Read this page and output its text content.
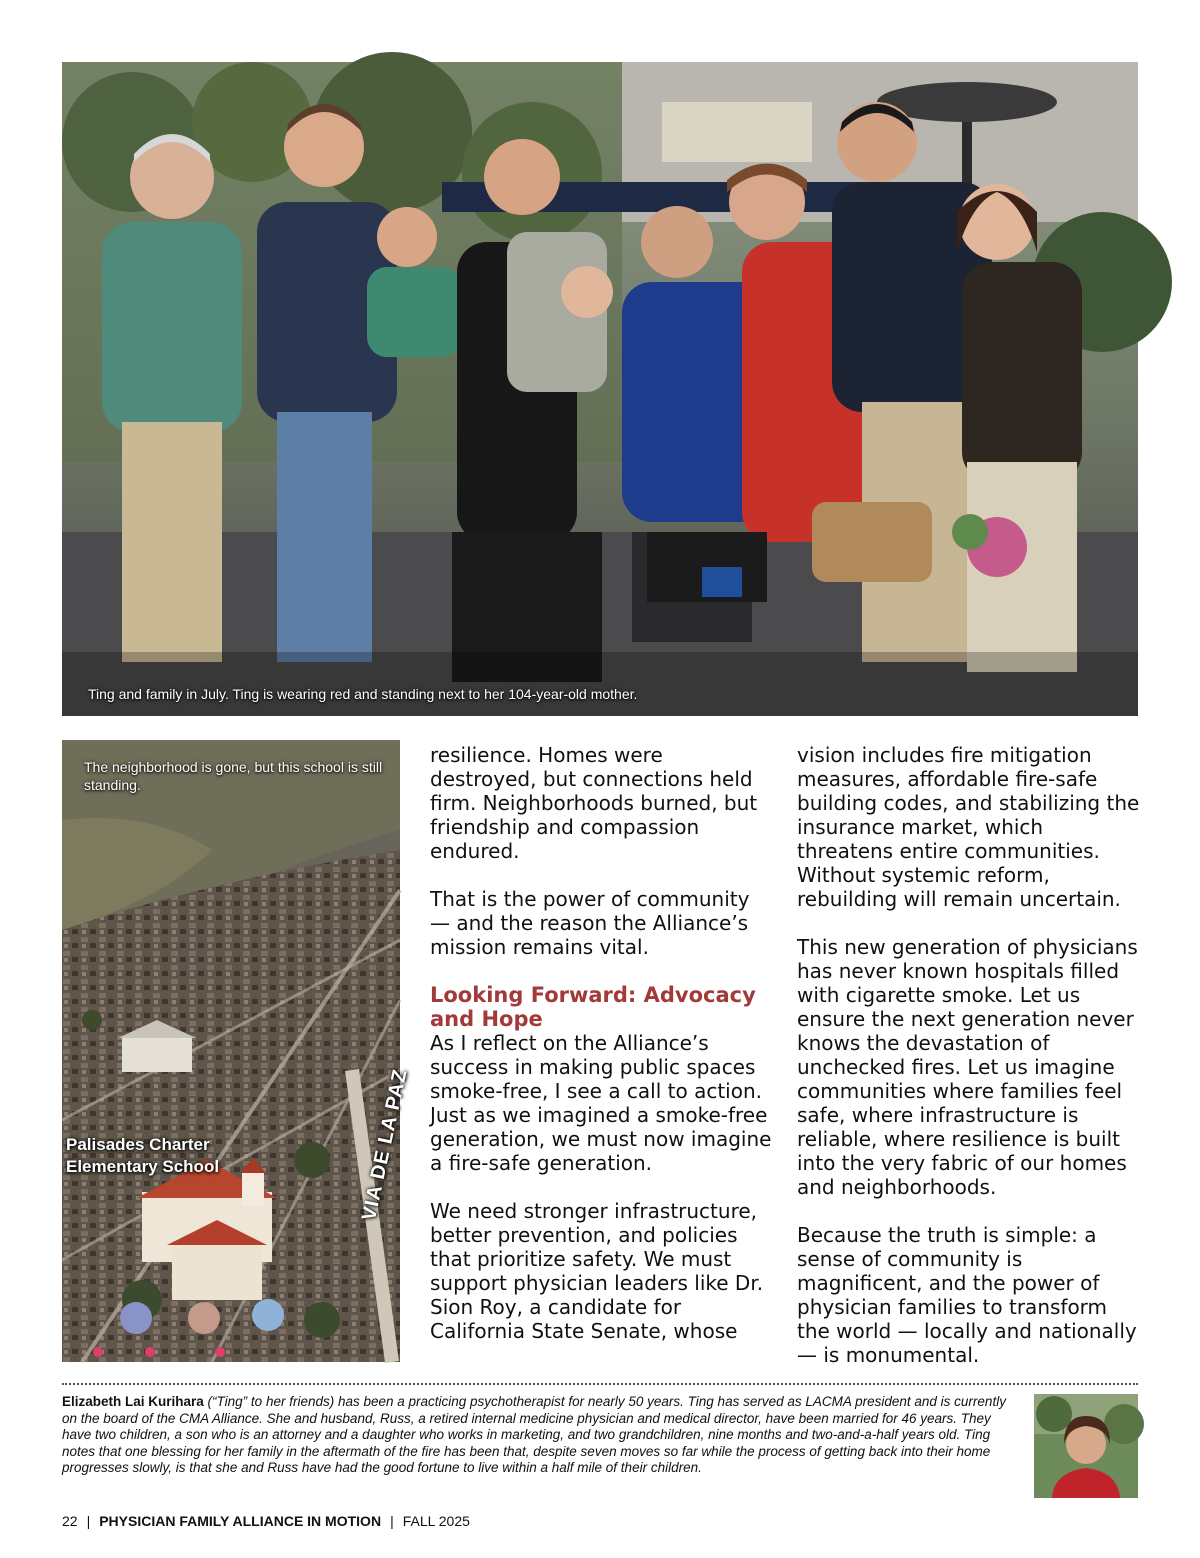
Ting and family in July. Ting is wearing red and standing next to her 104-year-old mother.
The neighborhood is gone, but this school is still standing.
Palisades Charter
Elementary School	VIA DE LA PAZ

resilience. Homes were destroyed, but connections held firm. Neighborhoods burned, but friendship and compassion endured.

That is the power of community — and the reason the Alliance’s mission remains vital.

Looking Forward: Advocacy and Hope

As I reflect on the Alliance’s success in making public spaces smoke-free, I see a call to action. Just as we imagined a smoke-free generation, we must now imagine a fire-safe generation.

We need stronger infrastructure, better prevention, and policies that prioritize safety. We must support physician leaders like Dr. Sion Roy, a candidate for California State Senate, whose

vision includes fire mitigation measures, affordable fire-safe building codes, and stabilizing the insurance market, which threatens entire communities. Without systemic reform, rebuilding will remain uncertain.

This new generation of physicians has never known hospitals filled with cigarette smoke. Let us ensure the next generation never knows the devastation of unchecked fires. Let us imagine communities where families feel safe, where infrastructure is reliable, where resilience is built into the very fabric of our homes and neighborhoods.

Because the truth is simple: a sense of community is magnificent, and the power of physician families to transform the world — locally and nationally — is monumental.

Elizabeth Lai Kurihara (“Ting” to her friends) has been a practicing psychotherapist for nearly 50 years. Ting has served as LACMA president and is currently on the board of the CMA Alliance. She and husband, Russ, a retired internal medicine physician and medical director, have been married for 46 years. They have two children, a son who is an attorney and a daughter who works in marketing, and two grandchildren, nine months and two-and-a-half years old. Ting notes that one blessing for her family in the aftermath of the fire has been that, despite seven moves so far while the process of getting back into their home progresses slowly, is that she and Russ have had the good fortune to live within a half mile of their children.
22 | PHYSICIAN FAMILY ALLIANCE IN MOTION | FALL 2025
